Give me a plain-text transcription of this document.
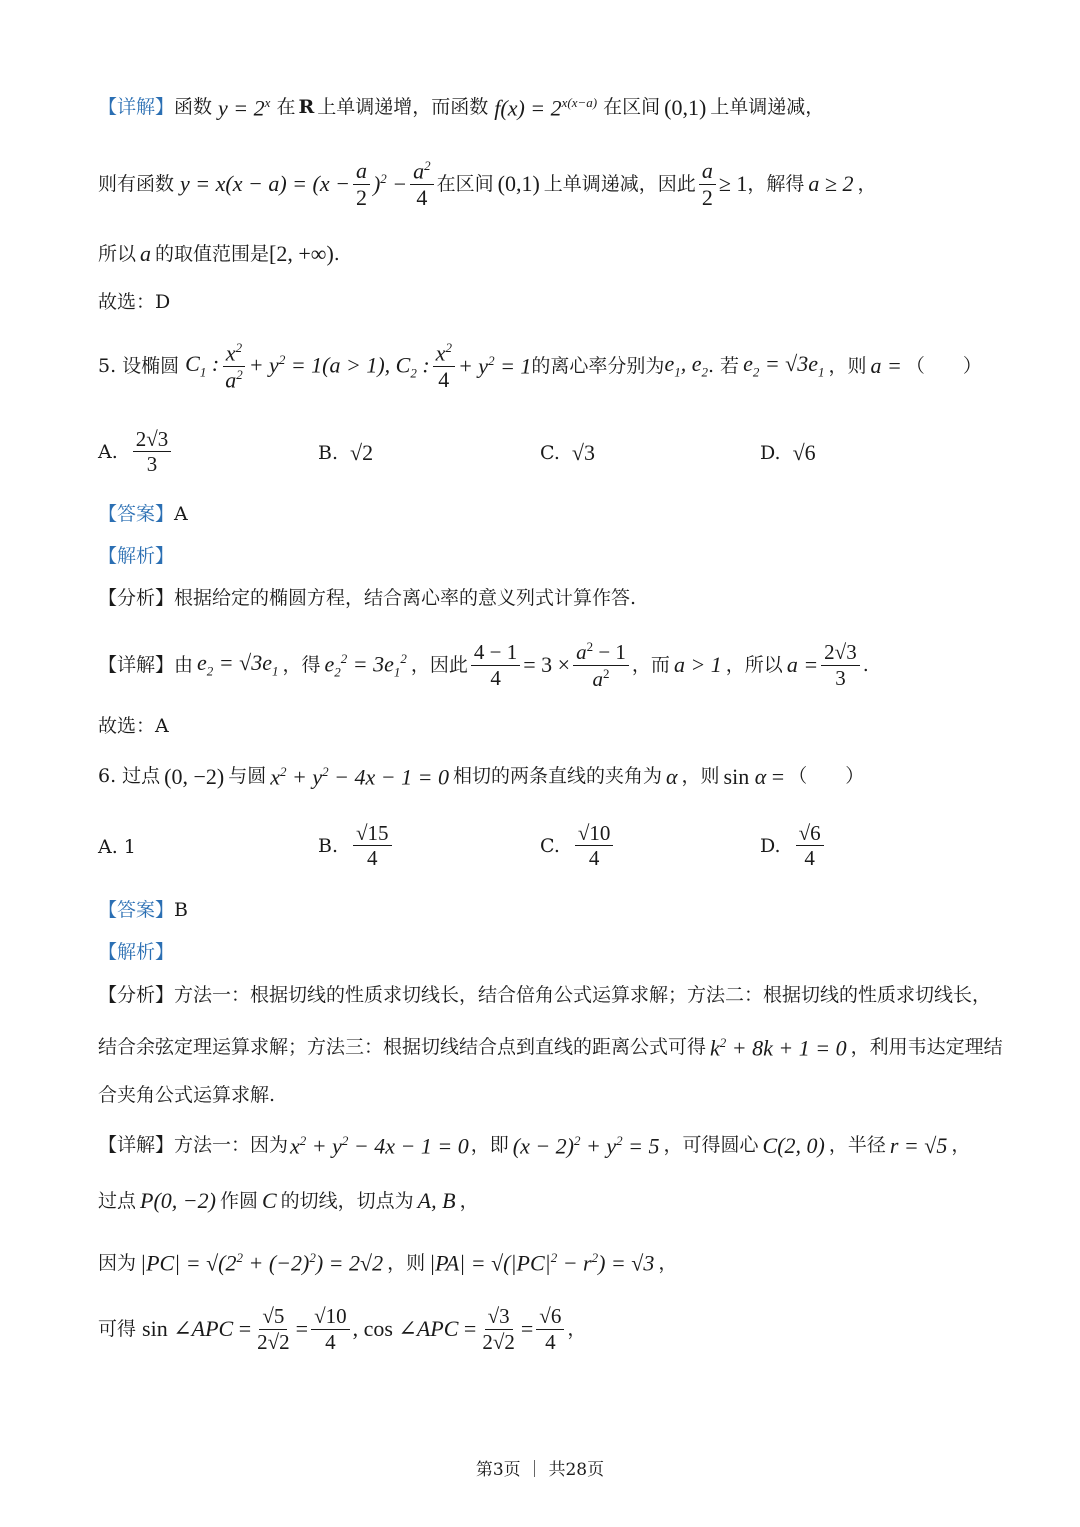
【详解】 函数 $y = 2^x$ 在 R 上单调递增，而函数 $f(x) = 2^{x(x-a)}$ 在区间 (0,1) 上单调递减，
则有函数 $y = x(x - a) = (x - \frac{a}{2} )^2 - \frac{a^2}{4}$ 在区间 (0,1) 上单调递减，因此 $\frac{a}{2} \ge 1$ ，解得 a ≥ 2 ，
所以 a 的取值范围是 [2, +∞) .
故选：D
5. 设椭圆 $C_1$ : $\frac{x^2}{a^2} + y^2 = 1(a > 1)$, $C_2$ : $\frac{x^2}{4} + y^2 = 1$ 的离心率分别为 $e_1$, $e_2$ . 若 $e_2 = √3e_1$ ，则 a = （　　）
A. $\frac{2√3}{3}$	B. √2	C. √3	D. √6
【答案】 A
【解析】
【分析】 根据给定的椭圆方程，结合离心率的意义列式计算作答.
【详解】 由 $e_2 = √3e_1$ ，得 $e_2^2 = 3e_1^2$ ，因此 $\frac{4 - 1}{4} = 3 \times \frac{a^2 - 1}{a^2}$ ，而 a > 1 ，所以 $a = \frac{2√3}{3}$ .
故选：A
6. 过点 (0, −2) 与圆 $x^2 + y^2 - 4x - 1 = 0$ 相切的两条直线的夹角为 α ，则 sin α = （　　）
A. 1	B. $\frac{√15}{4}$	C. $\frac{√10}{4}$	D. $\frac{√6}{4}$
【答案】 B
【解析】
【分析】 方法一：根据切线的性质求切线长，结合倍角公式运算求解；方法二：根据切线的性质求切线长，
结合余弦定理运算求解；方法三：根据切线结合点到直线的距离公式可得 $k^2 + 8k + 1 = 0$ ，利用韦达定理结
合夹角公式运算求解.
【详解】 方法一：因为 $x^2 + y^2 - 4x - 1 = 0$ ，即 $(x - 2)^2 + y^2 = 5$ ，可得圆心 C(2, 0) ，半径 r = √5 ，
过点 P(0, −2) 作圆 C 的切线，切点为 A, B ，
因为 $|PC| = √(2^2 + (-2)^2) = 2√2$ ，则 $|PA| = √(|PC|^2 - r^2) = √3$ ，
可得 sin ∠APC = $\frac{√5}{2√2} = \frac{√10}{4}$ , cos ∠APC = $\frac{√3}{2√2} = \frac{√6}{4}$ ，
第3页 ｜ 共28页
